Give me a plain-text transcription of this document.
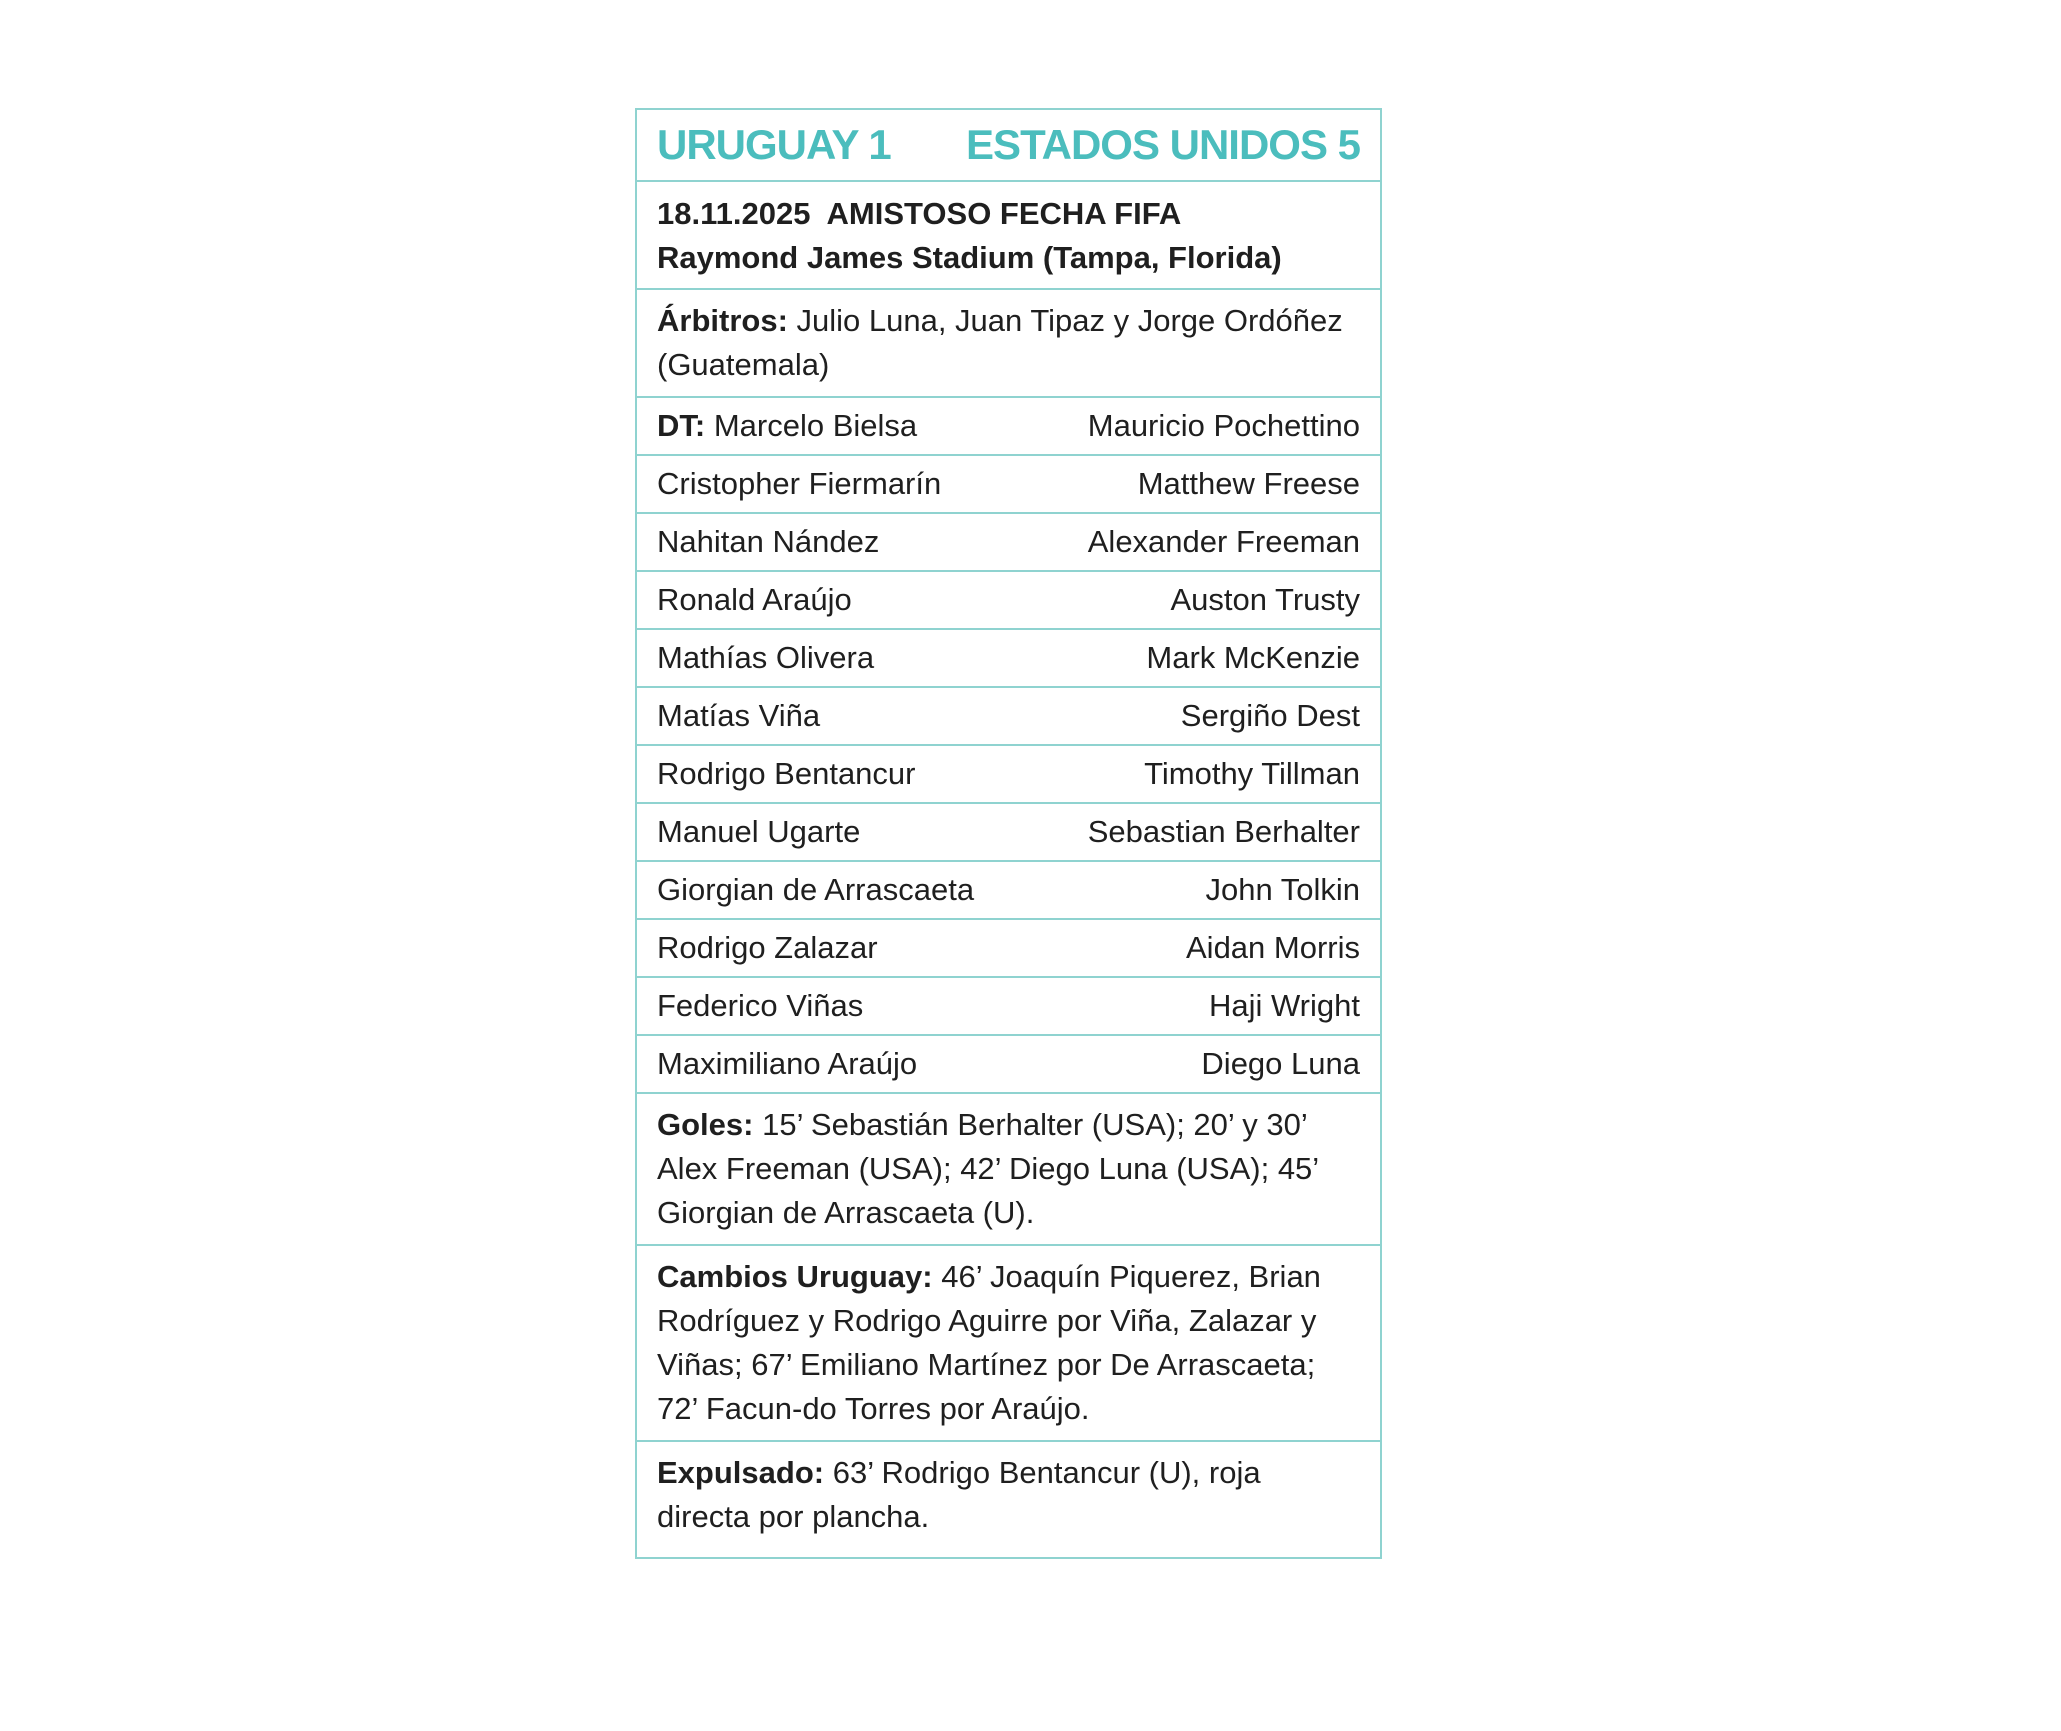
URUGUAY 1 ESTADOS UNIDOS 5
18.11.2025 AMISTOSO FECHA FIFA
Raymond James Stadium (Tampa, Florida)
Árbitros: Julio Luna, Juan Tipaz y Jorge Ordóñez (Guatemala)
DT: Marcelo Bielsa	Mauricio Pochettino
Cristopher Fiermarín	Matthew Freese
Nahitan Nández	Alexander Freeman
Ronald Araújo	Auston Trusty
Mathías Olivera	Mark McKenzie
Matías Viña	Sergiño Dest
Rodrigo Bentancur	Timothy Tillman
Manuel Ugarte	Sebastian Berhalter
Giorgian de Arrascaeta	John Tolkin
Rodrigo Zalazar	Aidan Morris
Federico Viñas	Haji Wright
Maximiliano Araújo	Diego Luna
Goles: 15’ Sebastián Berhalter (USA); 20’ y 30’ Alex Freeman (USA); 42’ Diego Luna (USA); 45’ Giorgian de Arrascaeta (U).
Cambios Uruguay: 46’ Joaquín Piquerez, Brian Rodríguez y Rodrigo Aguirre por Viña, Zalazar y Viñas; 67’ Emiliano Martínez por De Arrascaeta; 72’ Facun-do Torres por Araújo.
Expulsado: 63’ Rodrigo Bentancur (U), roja directa por plancha.
